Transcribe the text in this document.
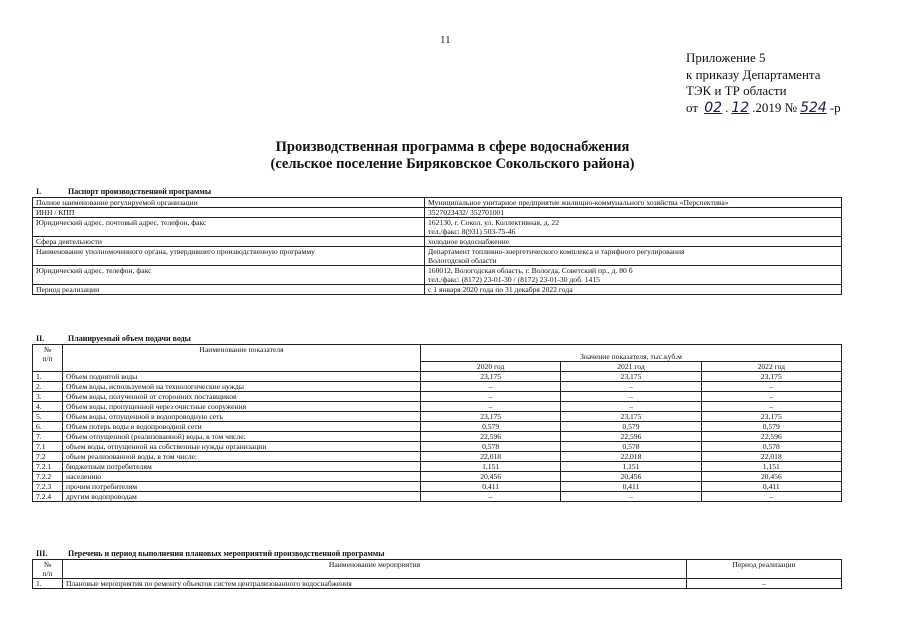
11
Приложение 5
к приказу Департамента
ТЭК и ТР области
от 02 . 12 .2019 № 524 -р
Производственная программа в сфере водоснабжения
(сельское поселение Бирякoвское Сокольского района)
I.	Паспорт производственной программы
Полное наименование регулируемой организации	Муниципальное унитарное предприятие жилищно-коммунального хозяйства «Перспектива»
ИНН / КПП	3527023432/ 352701001
Юридический адрес, почтовый адрес, телефон, факс	162130, г. Сокол, ул. Коллективная, д. 22
тел./факс: 8(931) 503-75-46

Сфера деятельности	холодное водоснабжение
Наименование уполномоченного органа, утвердившего производственную программу	Департамент топливно-энергетического комплекса и тарифного регулирования
Вологодской области

Юридический адрес, телефон, факс	160012, Вологодская область, г. Вологда, Советский пр., д. 80 б
тел./факс: (8172) 23-01-30 / (8172) 23-01-30 доб. 1415

Период реализации	с 1 января 2020 года по 31 декабря 2022 года
II.	Планируемый объем подачи воды
№
п/п	Наименование показателя	Значение показателя, тыс.куб.м		
		2020 год	2021 год	2022 год
1.	Объем поднятой воды	23,175	23,175	23,175
2.	Объем воды, используемой на технологические нужды	–	–	–
3.	Объем воды, полученной от сторонних поставщиков	–	–	–
4.	Объем воды, пропущенной через очистные сооружения	–	–	–
5.	Объем воды, отпущенной в водопроводную сеть	23,175	23,175	23,175
6.	Объем потерь воды в водопроводной сети	0,579	0,579	0,579
7.	Объем отпущенной (реализованной) воды, в том числе:	22,596	22,596	22,596
7.1	объем воды, отпущенной на собственные нужды организации	0,578	0,578	0,578
7.2	объем реализованной воды, в том числе:	22,018	22,018	22,018
7.2.1	бюджетным потребителям	1,151	1,151	1,151
7.2.2	населению	20,456	20,456	20,456
7.2.3	прочим потребителям	0,411	0,411	0,411
7.2.4	другим водопроводам	–	–	–
III.	Перечень и период выполнения плановых мероприятий производственной программы
№
п/п	Наименование мероприятия	Период реализации
1.	Плановые мероприятия по ремонту объектов систем централизованного водоснабжения	–
